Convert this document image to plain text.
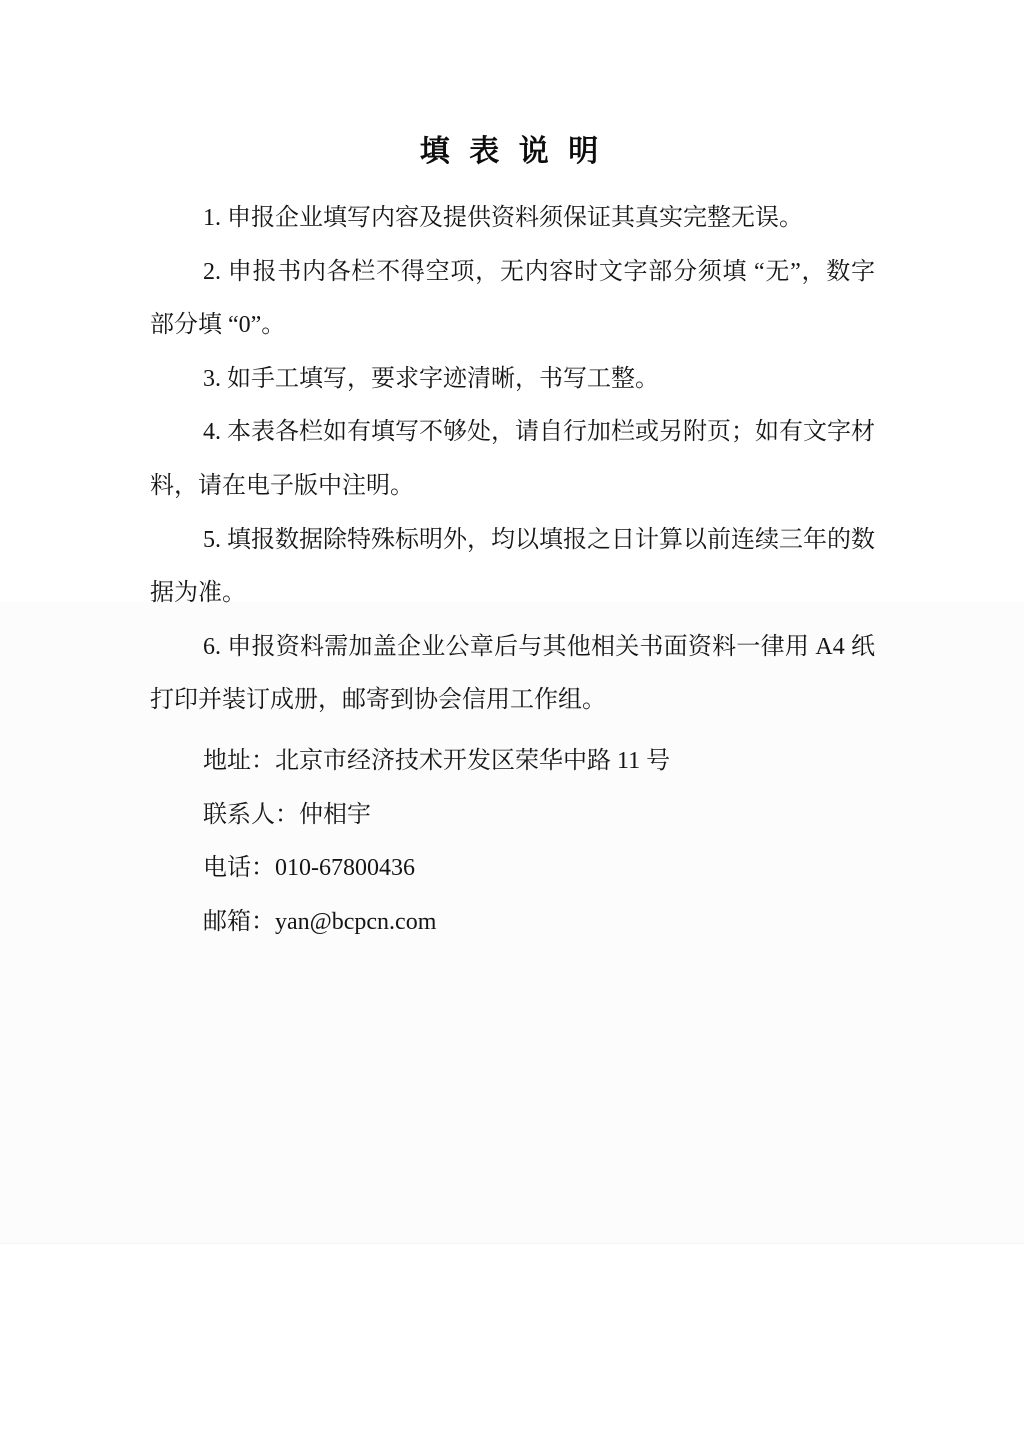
填 表 说 明

1. 申报企业填写内容及提供资料须保证其真实完整无误。

2. 申报书内各栏不得空项，无内容时文字部分须填 “无”，数字部分填 “0”。

3. 如手工填写，要求字迹清晰，书写工整。

4. 本表各栏如有填写不够处，请自行加栏或另附页；如有文字材料，请在电子版中注明。

5. 填报数据除特殊标明外，均以填报之日计算以前连续三年的数据为准。

6. 申报资料需加盖企业公章后与其他相关书面资料一律用 A4 纸打印并装订成册，邮寄到协会信用工作组。

地址：北京市经济技术开发区荣华中路 11 号

联系人：仲相宇

电话：010-67800436

邮箱：yan@bcpcn.com
